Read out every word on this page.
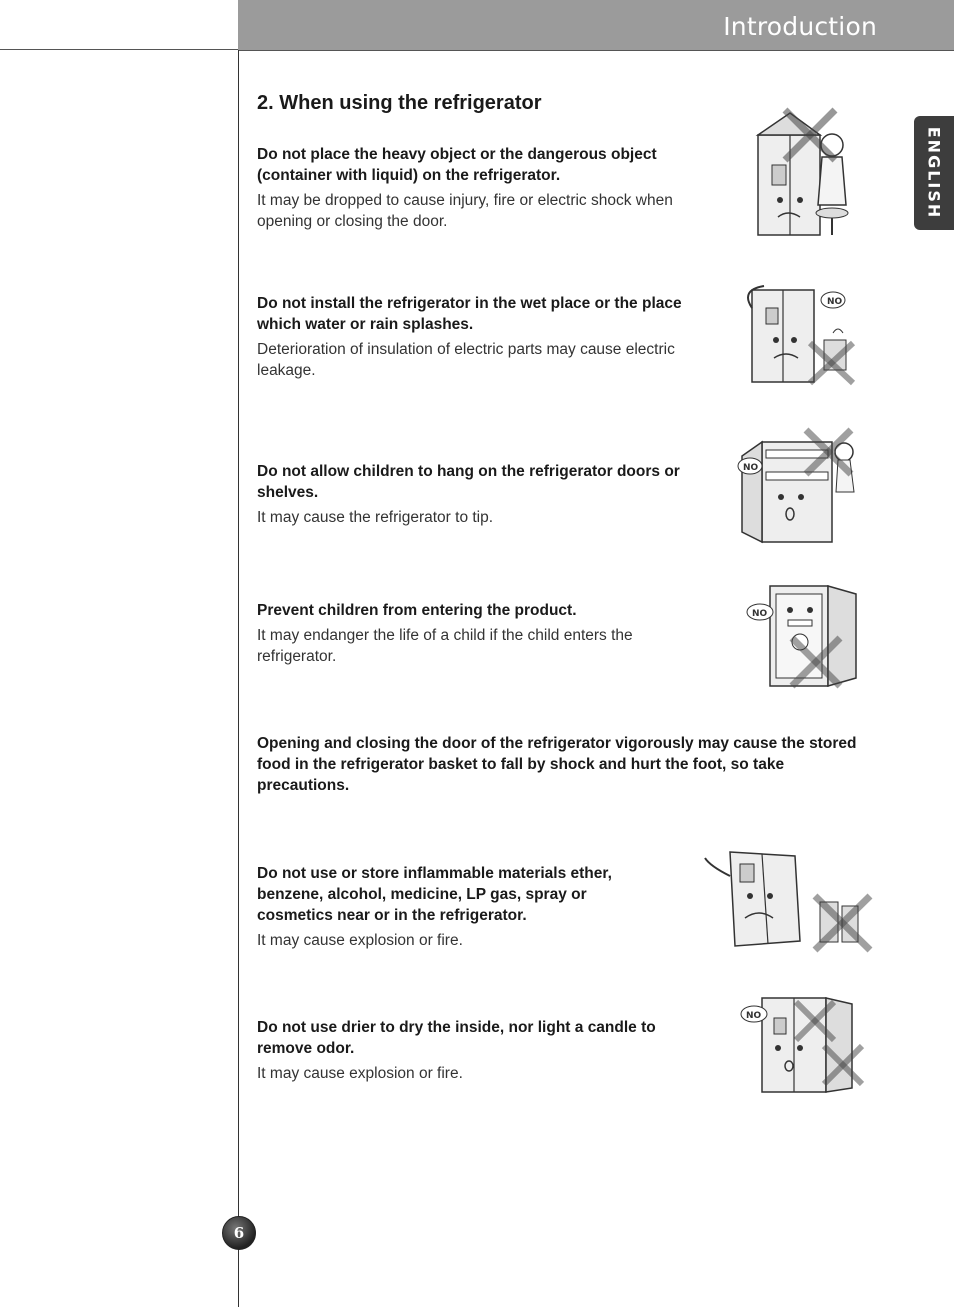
Introduction
ENGLISH
2. When using the refrigerator

Do not place the heavy object or the dangerous object (container with liquid) on the refrigerator.

It may be dropped to cause injury, fire or electric shock when opening or closing the door.

Do not install the refrigerator in the wet place or the place which water or rain splashes.

Deterioration of insulation of electric parts may cause electric leakage.

NO

Do not allow children to hang on the refrigerator doors or shelves.

It may cause the refrigerator to tip.

NO

Prevent children from entering the product.

It may endanger the life of a child if the child enters the refrigerator.

NO

Opening and closing the door of the refrigerator vigorously may cause the stored food in the refrigerator basket to fall by shock and hurt the foot, so take precautions.

Do not use or store inflammable materials ether, benzene, alcohol, medicine, LP gas, spray or cosmetics near or in the refrigerator.

It may cause explosion or fire.

Do not use drier to dry the inside, nor light a candle to remove odor.

It may cause explosion or fire.

NO
6
